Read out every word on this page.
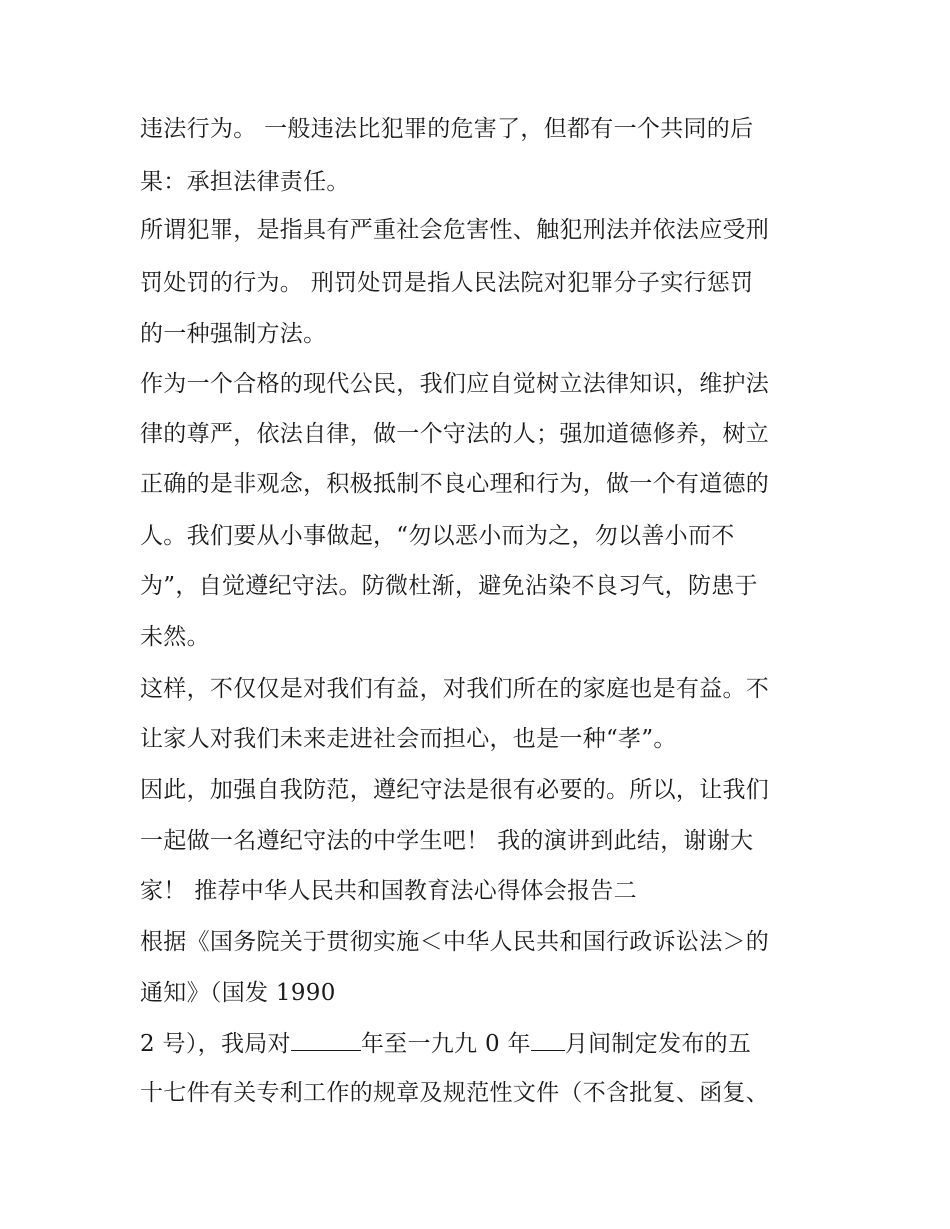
违法行为。 一般违法比犯罪的危害了，但都有一个共同的后
果：承担法律责任。
所谓犯罪，是指具有严重社会危害性、触犯刑法并依法应受刑
罚处罚的行为。 刑罚处罚是指人民法院对犯罪分子实行惩罚
的一种强制方法。
作为一个合格的现代公民，我们应自觉树立法律知识，维护法
律的尊严，依法自律，做一个守法的人；强加道德修养，树立
正确的是非观念，积极抵制不良心理和行为，做一个有道德的
人。我们要从小事做起，“勿以恶小而为之，勿以善小而不
为”，自觉遵纪守法。防微杜渐，避免沾染不良习气，防患于
未然。
这样，不仅仅是对我们有益，对我们所在的家庭也是有益。不
让家人对我们未来走进社会而担心，也是一种“孝”。
因此，加强自我防范，遵纪守法是很有必要的。所以，让我们
一起做一名遵纪守法的中学生吧！ 我的演讲到此结，谢谢大
家！ 推荐中华人民共和国教育法心得体会报告二
根据《国务院关于贯彻实施＜中华人民共和国行政诉讼法＞的
通知》（国发 1990
2 号），我局对	年至一九九 0 年 月间制定发布的五
十七件有关专利工作的规章及规范性文件（不含批复、函复、
